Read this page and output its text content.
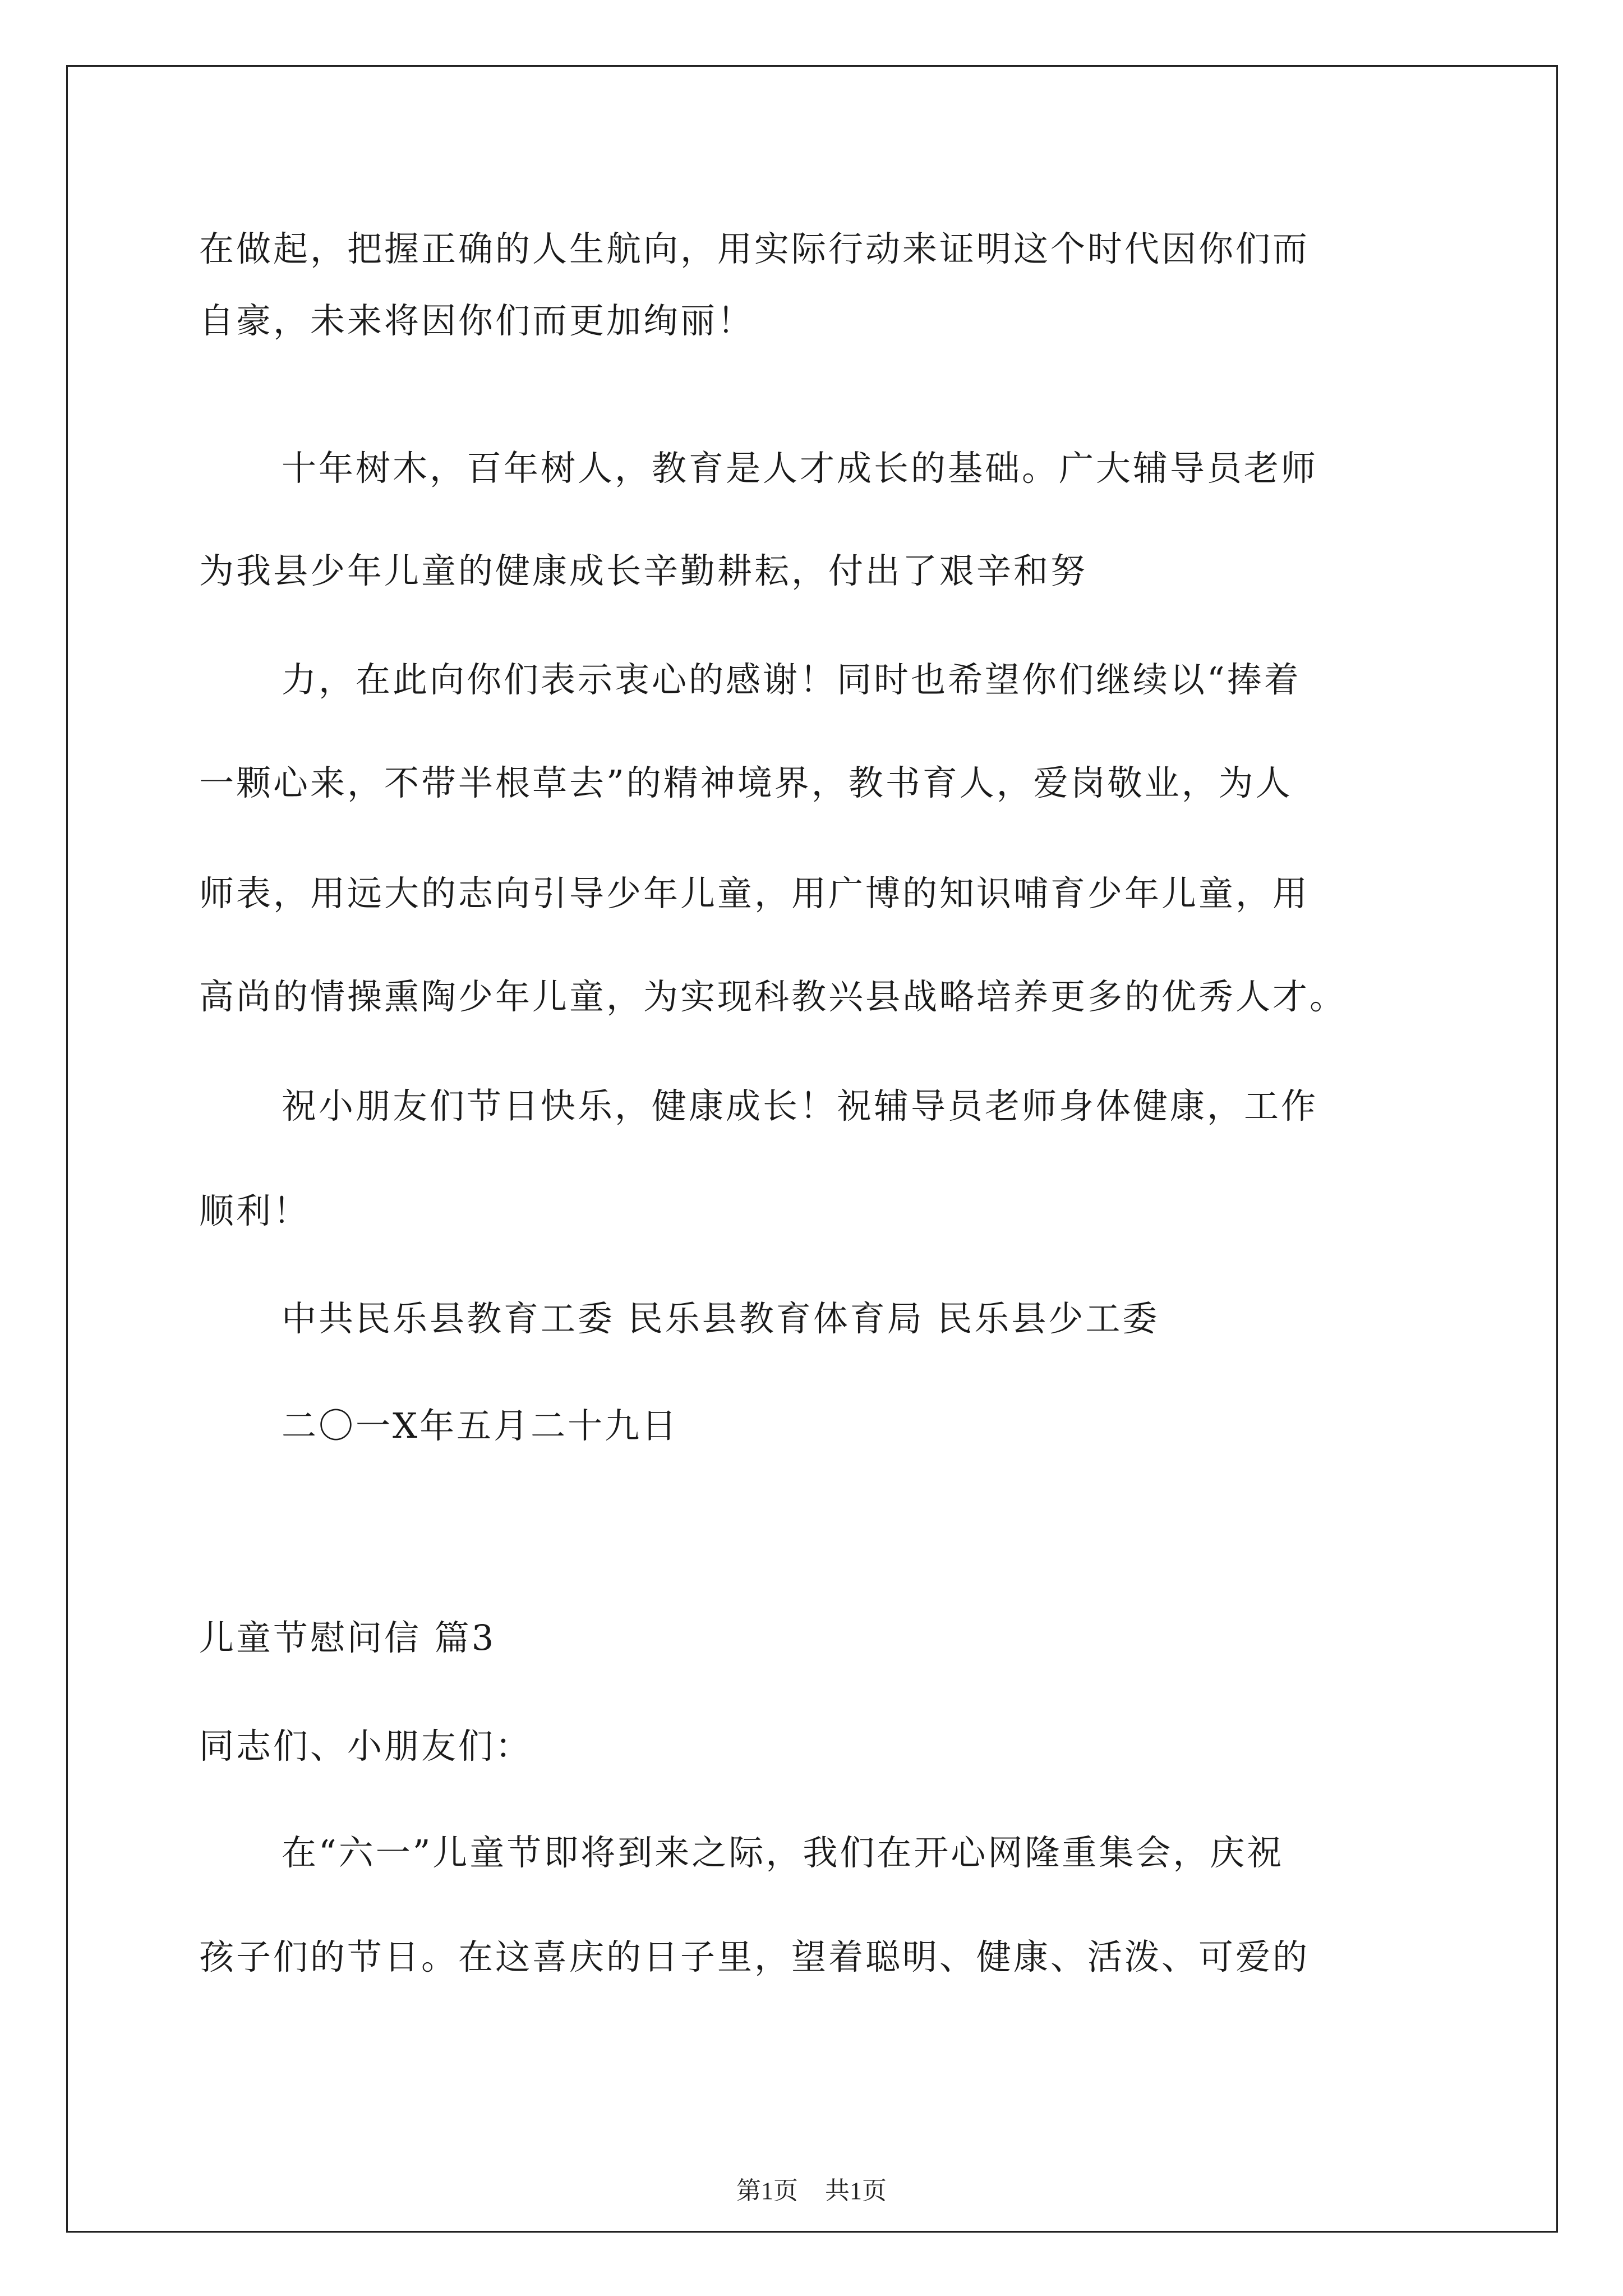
在做起，把握正确的人生航向，用实际行动来证明这个时代因你们而
自豪，未来将因你们而更加绚丽！
十年树木，百年树人，教育是人才成长的基础。广大辅导员老师
为我县少年儿童的健康成长辛勤耕耘，付出了艰辛和努
力，在此向你们表示衷心的感谢！同时也希望你们继续以“捧着
一颗心来，不带半根草去”的精神境界，教书育人，爱岗敬业，为人
师表，用远大的志向引导少年儿童，用广博的知识哺育少年儿童，用
高尚的情操熏陶少年儿童，为实现科教兴县战略培养更多的优秀人才。
祝小朋友们节日快乐，健康成长！祝辅导员老师身体健康，工作
顺利！
中共民乐县教育工委 民乐县教育体育局 民乐县少工委
二〇一X年五月二十九日
儿童节慰问信 篇3
同志们、小朋友们：
在“六一”儿童节即将到来之际，我们在开心网隆重集会，庆祝
孩子们的节日。在这喜庆的日子里，望着聪明、健康、活泼、可爱的
第1页 共1页
